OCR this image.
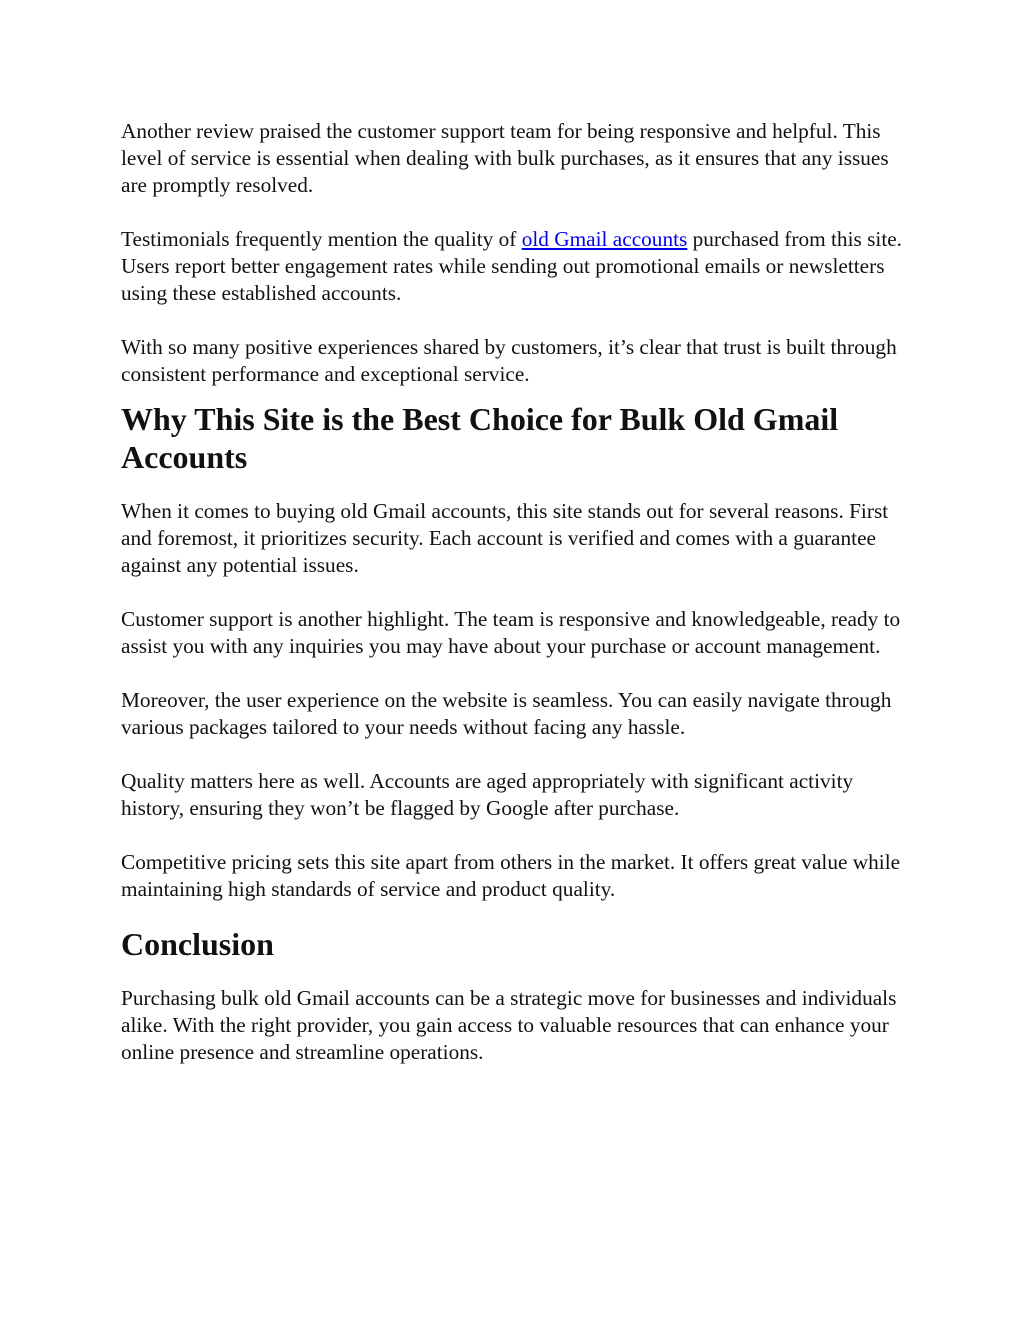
Another review praised the customer support team for being responsive and helpful. This level of service is essential when dealing with bulk purchases, as it ensures that any issues are promptly resolved.

Testimonials frequently mention the quality of old Gmail accounts purchased from this site. Users report better engagement rates while sending out promotional emails or newsletters using these established accounts.

With so many positive experiences shared by customers, it’s clear that trust is built through consistent performance and exceptional service.

Why This Site is the Best Choice for Bulk Old Gmail Accounts

When it comes to buying old Gmail accounts, this site stands out for several reasons. First and foremost, it prioritizes security. Each account is verified and comes with a guarantee against any potential issues.

Customer support is another highlight. The team is responsive and knowledgeable, ready to assist you with any inquiries you may have about your purchase or account management.

Moreover, the user experience on the website is seamless. You can easily navigate through various packages tailored to your needs without facing any hassle.

Quality matters here as well. Accounts are aged appropriately with significant activity history, ensuring they won’t be flagged by Google after purchase.

Competitive pricing sets this site apart from others in the market. It offers great value while maintaining high standards of service and product quality.

Conclusion

Purchasing bulk old Gmail accounts can be a strategic move for businesses and individuals alike. With the right provider, you gain access to valuable resources that can enhance your online presence and streamline operations.
